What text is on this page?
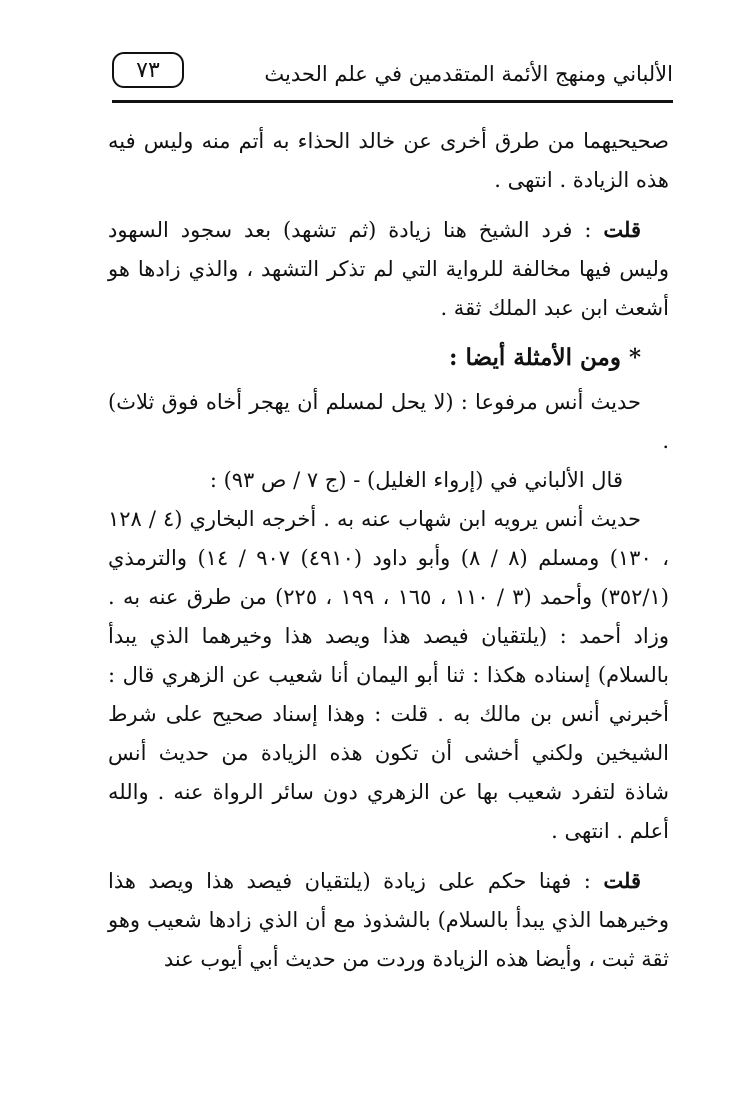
الألباني ومنهج الأئمة المتقدمين في علم الحديث
٧٣

صحيحيهما من طرق أخرى عن خالد الحذاء به أتم منه وليس فيه هذه الزيادة . انتهى .

قلت : فرد الشيخ هنا زيادة (ثم تشهد) بعد سجود السهود وليس فيها مخالفة للرواية التي لم تذكر التشهد ، والذي زادها هو أشعث ابن عبد الملك ثقة .

* ومن الأمثلة أيضا :

حديث أنس مرفوعا : (لا يحل لمسلم أن يهجر أخاه فوق ثلاث) .

قال الألباني في (إرواء الغليل) - (ج ٧ / ص ٩٣) :

حديث أنس يرويه ابن شهاب عنه به . أخرجه البخاري (٤ / ١٢٨ ، ١٣٠) ومسلم (٨ / ٨) وأبو داود (٤٩١٠) ٩٠٧ / ١٤) والترمذي (٣٥٢/١) وأحمد (٣ / ١١٠ ، ١٦٥ ، ١٩٩ ، ٢٢٥) من طرق عنه به . وزاد أحمد : (يلتقيان فيصد هذا ويصد هذا وخيرهما الذي يبدأ بالسلام) إسناده هكذا : ثنا أبو اليمان أنا شعيب عن الزهري قال : أخبرني أنس بن مالك به . قلت : وهذا إسناد صحيح على شرط الشيخين ولكني أخشى أن تكون هذه الزيادة من حديث أنس شاذة لتفرد شعيب بها عن الزهري دون سائر الرواة عنه . والله أعلم . انتهى .

قلت : فهنا حكم على زيادة (يلتقيان فيصد هذا ويصد هذا وخيرهما الذي يبدأ بالسلام) بالشذوذ مع أن الذي زادها شعيب وهو ثقة ثبت ، وأيضا هذه الزيادة وردت من حديث أبي أيوب عند
